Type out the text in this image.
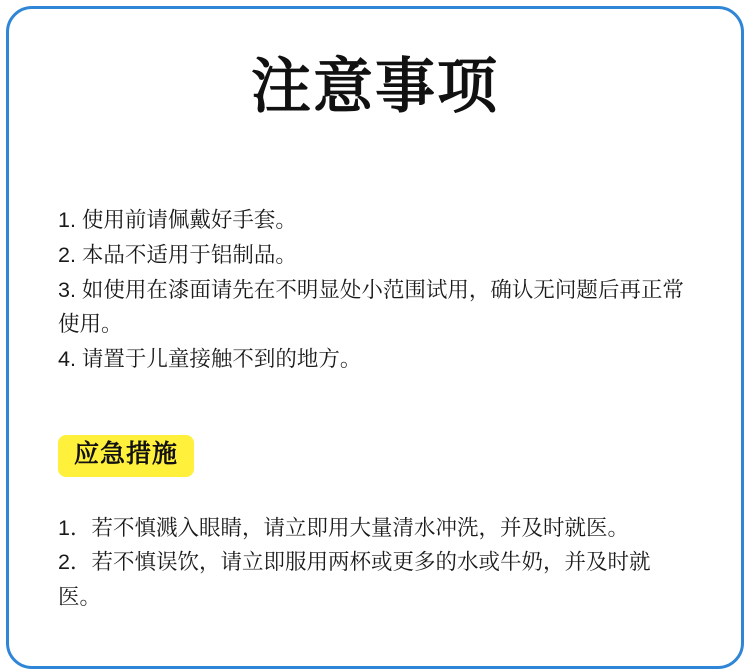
注意事项

1. 使用前请佩戴好手套。

2. 本品不适用于铝制品。

3. 如使用在漆面请先在不明显处小范围试用，确认无问题后再正常使用。

4. 请置于儿童接触不到的地方。

应急措施

1．若不慎溅入眼睛，请立即用大量清水冲洗，并及时就医。

2．若不慎误饮，请立即服用两杯或更多的水或牛奶，并及时就医。
